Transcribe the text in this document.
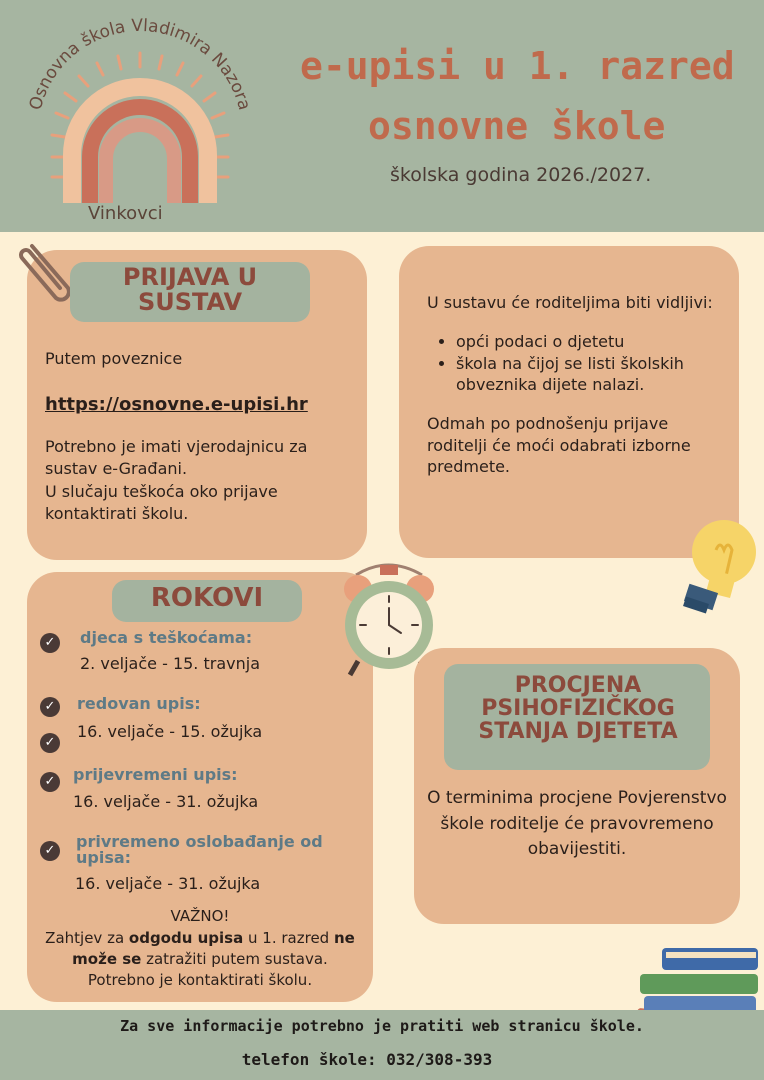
Osnovna škola Vladimira Nazora
Vinkovci
e-upisi u 1. razred
osnovne škole
školska godina 2026./2027.
PRIJAVA U SUSTAV
Putem poveznice
https://osnovne.e-upisi.hr
Potrebno je imati vjerodajnicu za sustav e-Građani.
U slučaju teškoća oko prijave kontaktirati školu.
U sustavu će roditeljima biti vidljivi:
• opći podaci o djetetu
• škola na čijoj se listi školskih obveznika dijete nalazi.
Odmah po podnošenju prijave roditelji će moći odabrati izborne predmete.
ROKOVI
✓ djeca s teškoćama:
2. veljače - 15. travnja
✓
✓
redovan upis:
16. veljače - 15. ožujka
✓ prijevremeni upis:
16. veljače - 31. ožujka
✓ privremeno oslobađanje od upisa:
16. veljače - 31. ožujka
VAŽNO!
Zahtjev za odgodu upisa u 1. razred ne može se zatražiti putem sustava.
Potrebno je kontaktirati školu.
PROCJENA PSIHOFIZIČKOG STANJA DJETETA
O terminima procjene Povjerenstvo škole roditelje će pravovremeno obavijestiti.
Za sve informacije potrebno je pratiti web stranicu škole.
telefon škole: 032/308-393
